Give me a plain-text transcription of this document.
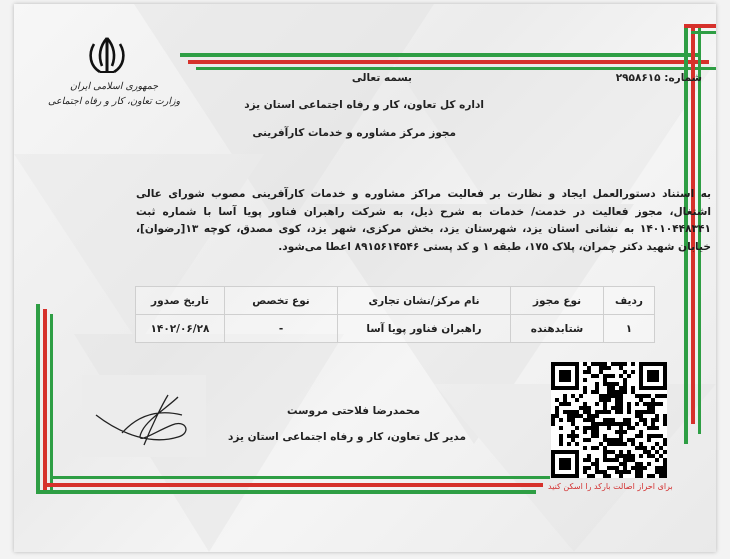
جمهوری اسلامی ایران
وزارت تعاون، کار و رفاه اجتماعی
شماره: ۲۹۵۸۶۱۵
بسمه تعالی
اداره کل تعاون، کار و رفاه اجتماعی استان یزد
مجوز مرکز مشاوره و خدمات کارآفرینی
به استناد دستورالعمل ایجاد و نظارت بر فعالیت مراکز مشاوره و خدمات کارآفرینی مصوب شورای عالی اشتغال، مجوز فعالیت در خدمت/ خدمات به شرح ذیل، به شرکت راهبران فناور پویا آسا با شماره ثبت ۱۴۰۱۰۴۴۸۳۴۱ به نشانی استان یزد، شهرستان یزد، بخش مرکزی، شهر یزد، کوی مصدق، کوچه ۱۳[رضوان]، خیابان شهید دکتر چمران، پلاک ۱۷۵، طبقه ۱ و کد پستی ۸۹۱۵۶۱۴۵۴۶ اعطا می‌شود.
ردیف	نوع مجوز	نام مرکز/نشان تجاری	نوع تخصص	تاریخ صدور
۱	شتابدهنده	راهبران فناور پویا آسا	-	۱۴۰۲/۰۶/۲۸
محمدرضا فلاحتی مروست
مدیر کل تعاون، کار و رفاه اجتماعی استان یزد
برای احراز اصالت بارکد را اسکن کنید
